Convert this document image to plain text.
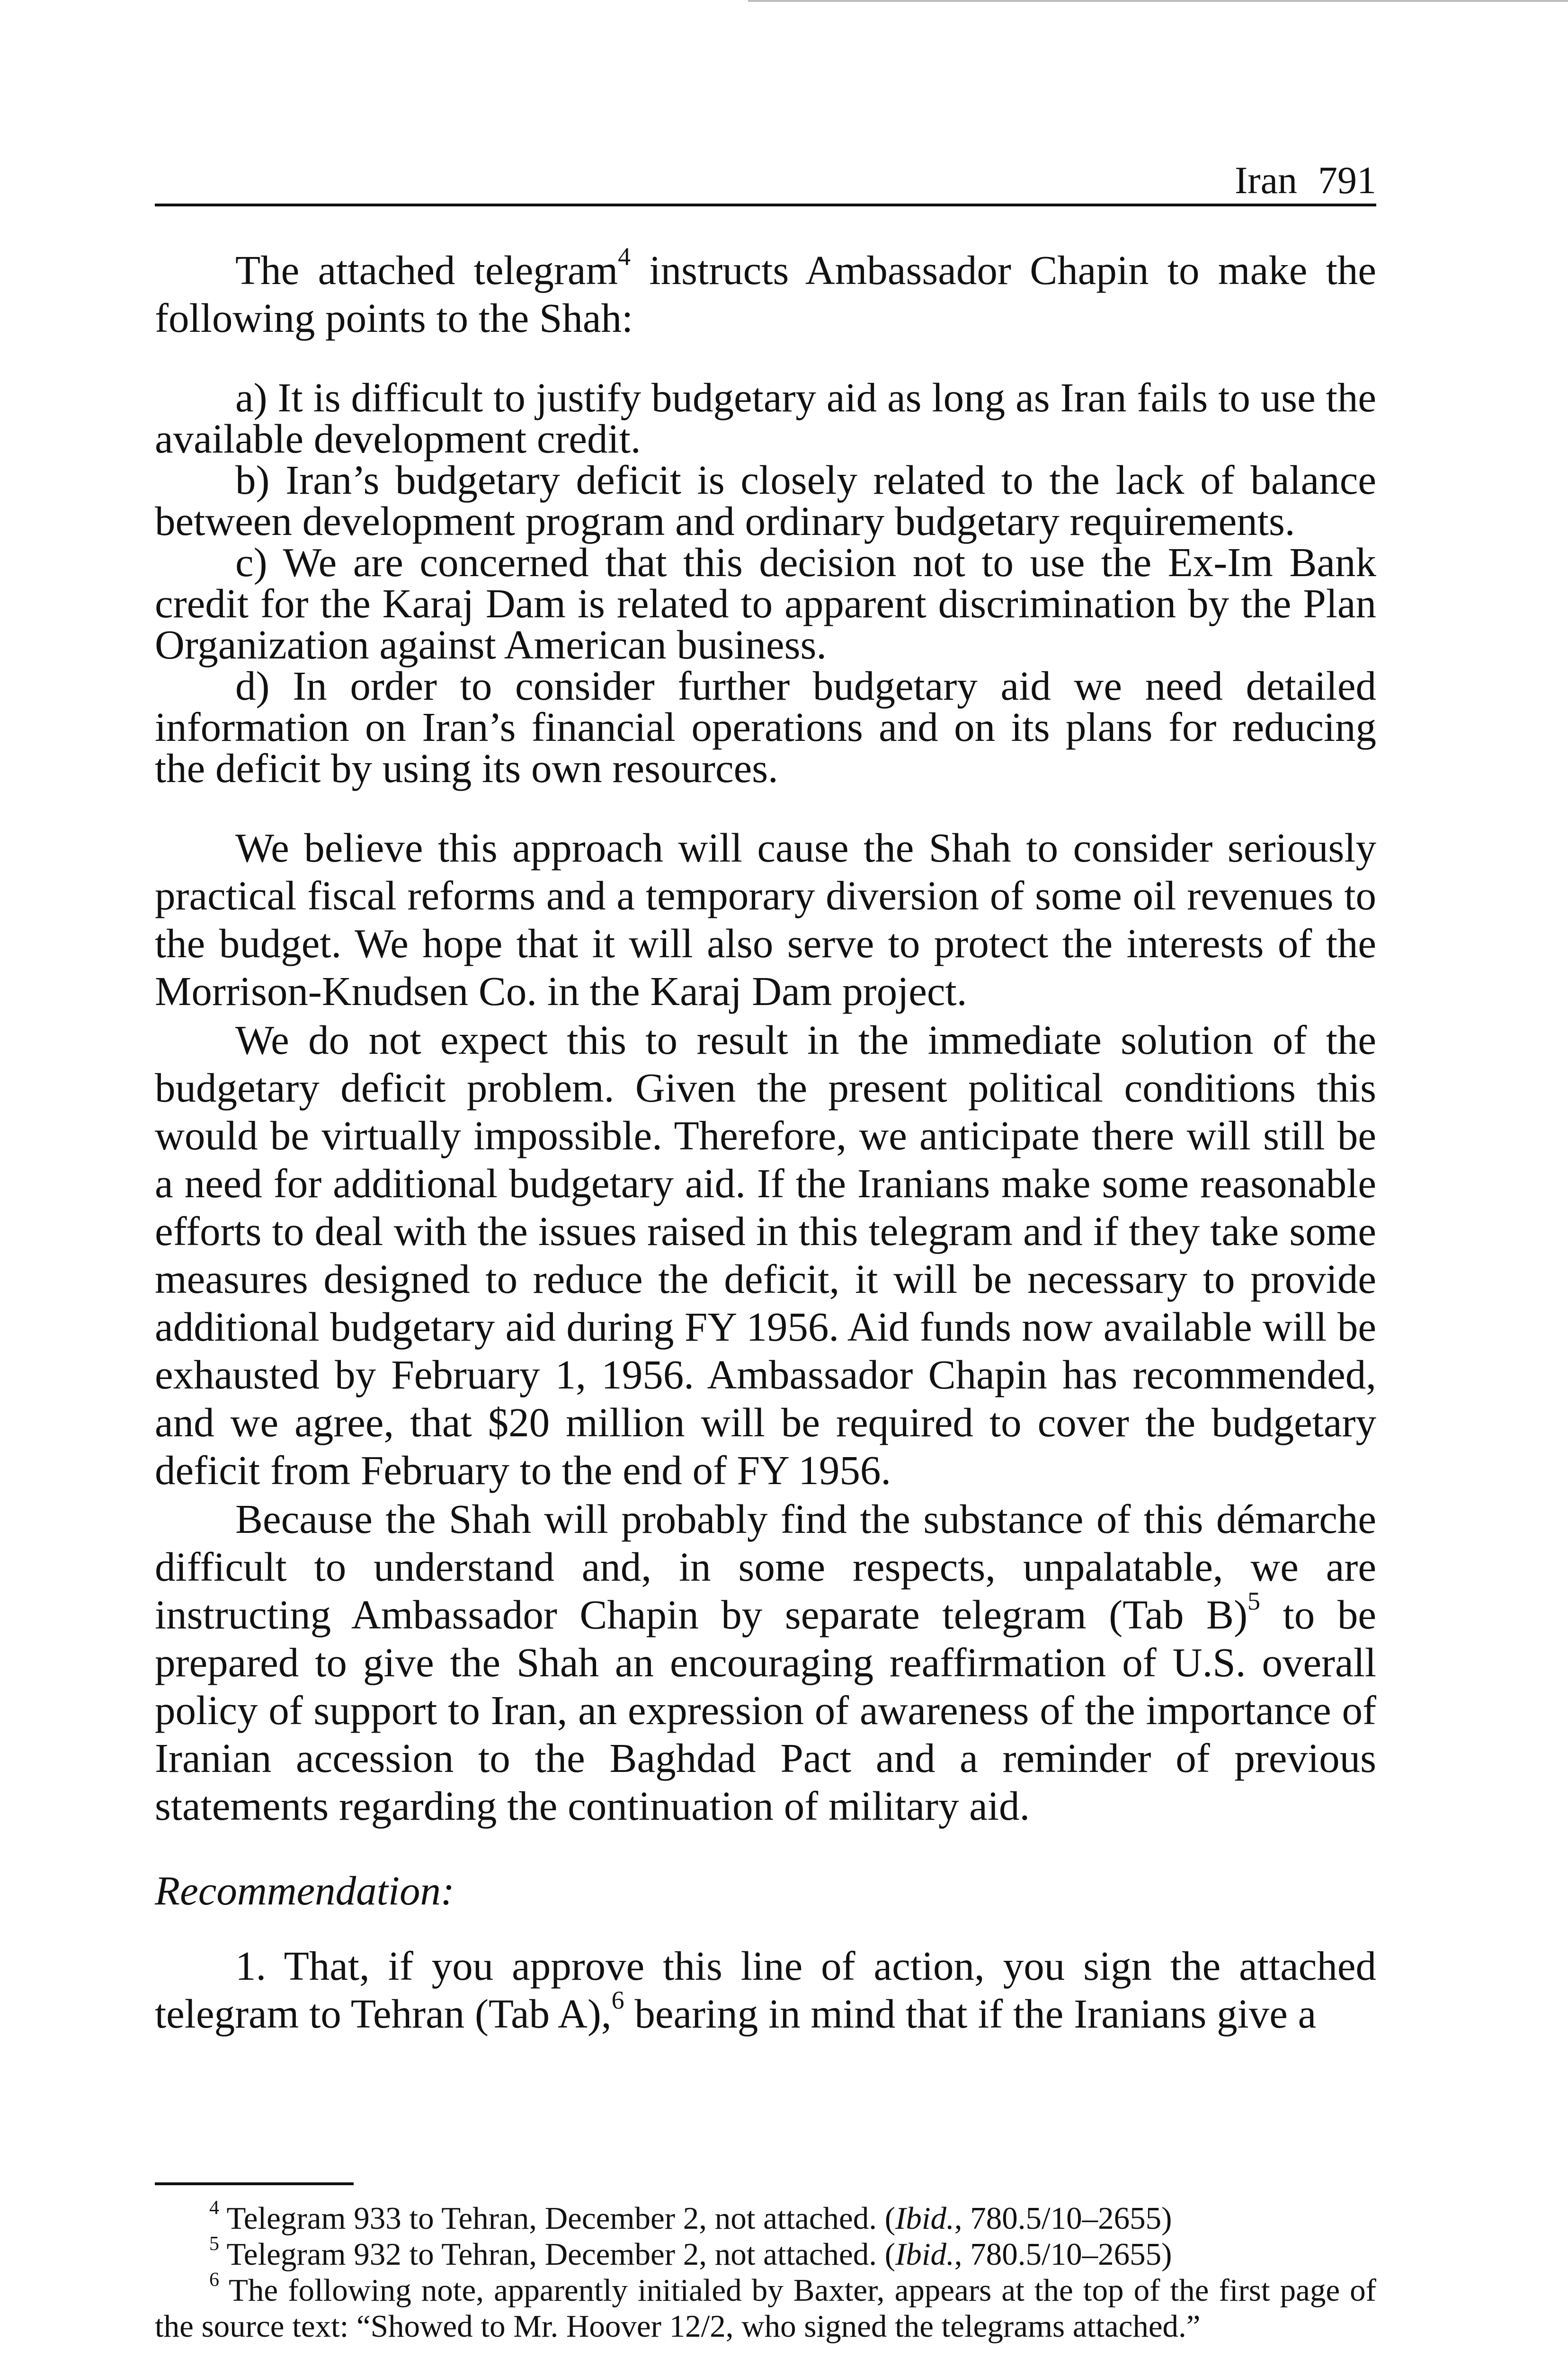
Iran 791

The attached telegram$^4$ instructs Ambassador Chapin to make the following points to the Shah:

a) It is difficult to justify budgetary aid as long as Iran fails to use the available development credit.

b) Iran’s budgetary deficit is closely related to the lack of balance between development program and ordinary budgetary requirements.

c) We are concerned that this decision not to use the Ex-Im Bank credit for the Karaj Dam is related to apparent discrimination by the Plan Organization against American business.

d) In order to consider further budgetary aid we need detailed information on Iran’s financial operations and on its plans for reducing the deficit by using its own resources.

We believe this approach will cause the Shah to consider seriously practical fiscal reforms and a temporary diversion of some oil revenues to the budget. We hope that it will also serve to protect the interests of the Morrison-Knudsen Co. in the Karaj Dam project.

We do not expect this to result in the immediate solution of the budgetary deficit problem. Given the present political conditions this would be virtually impossible. Therefore, we anticipate there will still be a need for additional budgetary aid. If the Iranians make some reasonable efforts to deal with the issues raised in this telegram and if they take some measures designed to reduce the deficit, it will be necessary to provide additional budgetary aid during FY 1956. Aid funds now available will be exhausted by February 1, 1956. Ambassador Chapin has recommended, and we agree, that $20 million will be required to cover the budgetary deficit from February to the end of FY 1956.

Because the Shah will probably find the substance of this démarche difficult to understand and, in some respects, unpalatable, we are instructing Ambassador Chapin by separate telegram (Tab B)$^5$ to be prepared to give the Shah an encouraging reaffirmation of U.S. overall policy of support to Iran, an expression of awareness of the importance of Iranian accession to the Baghdad Pact and a reminder of previous statements regarding the continuation of military aid.

Recommendation:

1. That, if you approve this line of action, you sign the attached telegram to Tehran (Tab A),$^6$ bearing in mind that if the Iranians give a

$^4$ Telegram 933 to Tehran, December 2, not attached. (Ibid., 780.5/10–2655)

$^5$ Telegram 932 to Tehran, December 2, not attached. (Ibid., 780.5/10–2655)

$^6$ The following note, apparently initialed by Baxter, appears at the top of the first page of the source text: “Showed to Mr. Hoover 12/2, who signed the telegrams attached.”
